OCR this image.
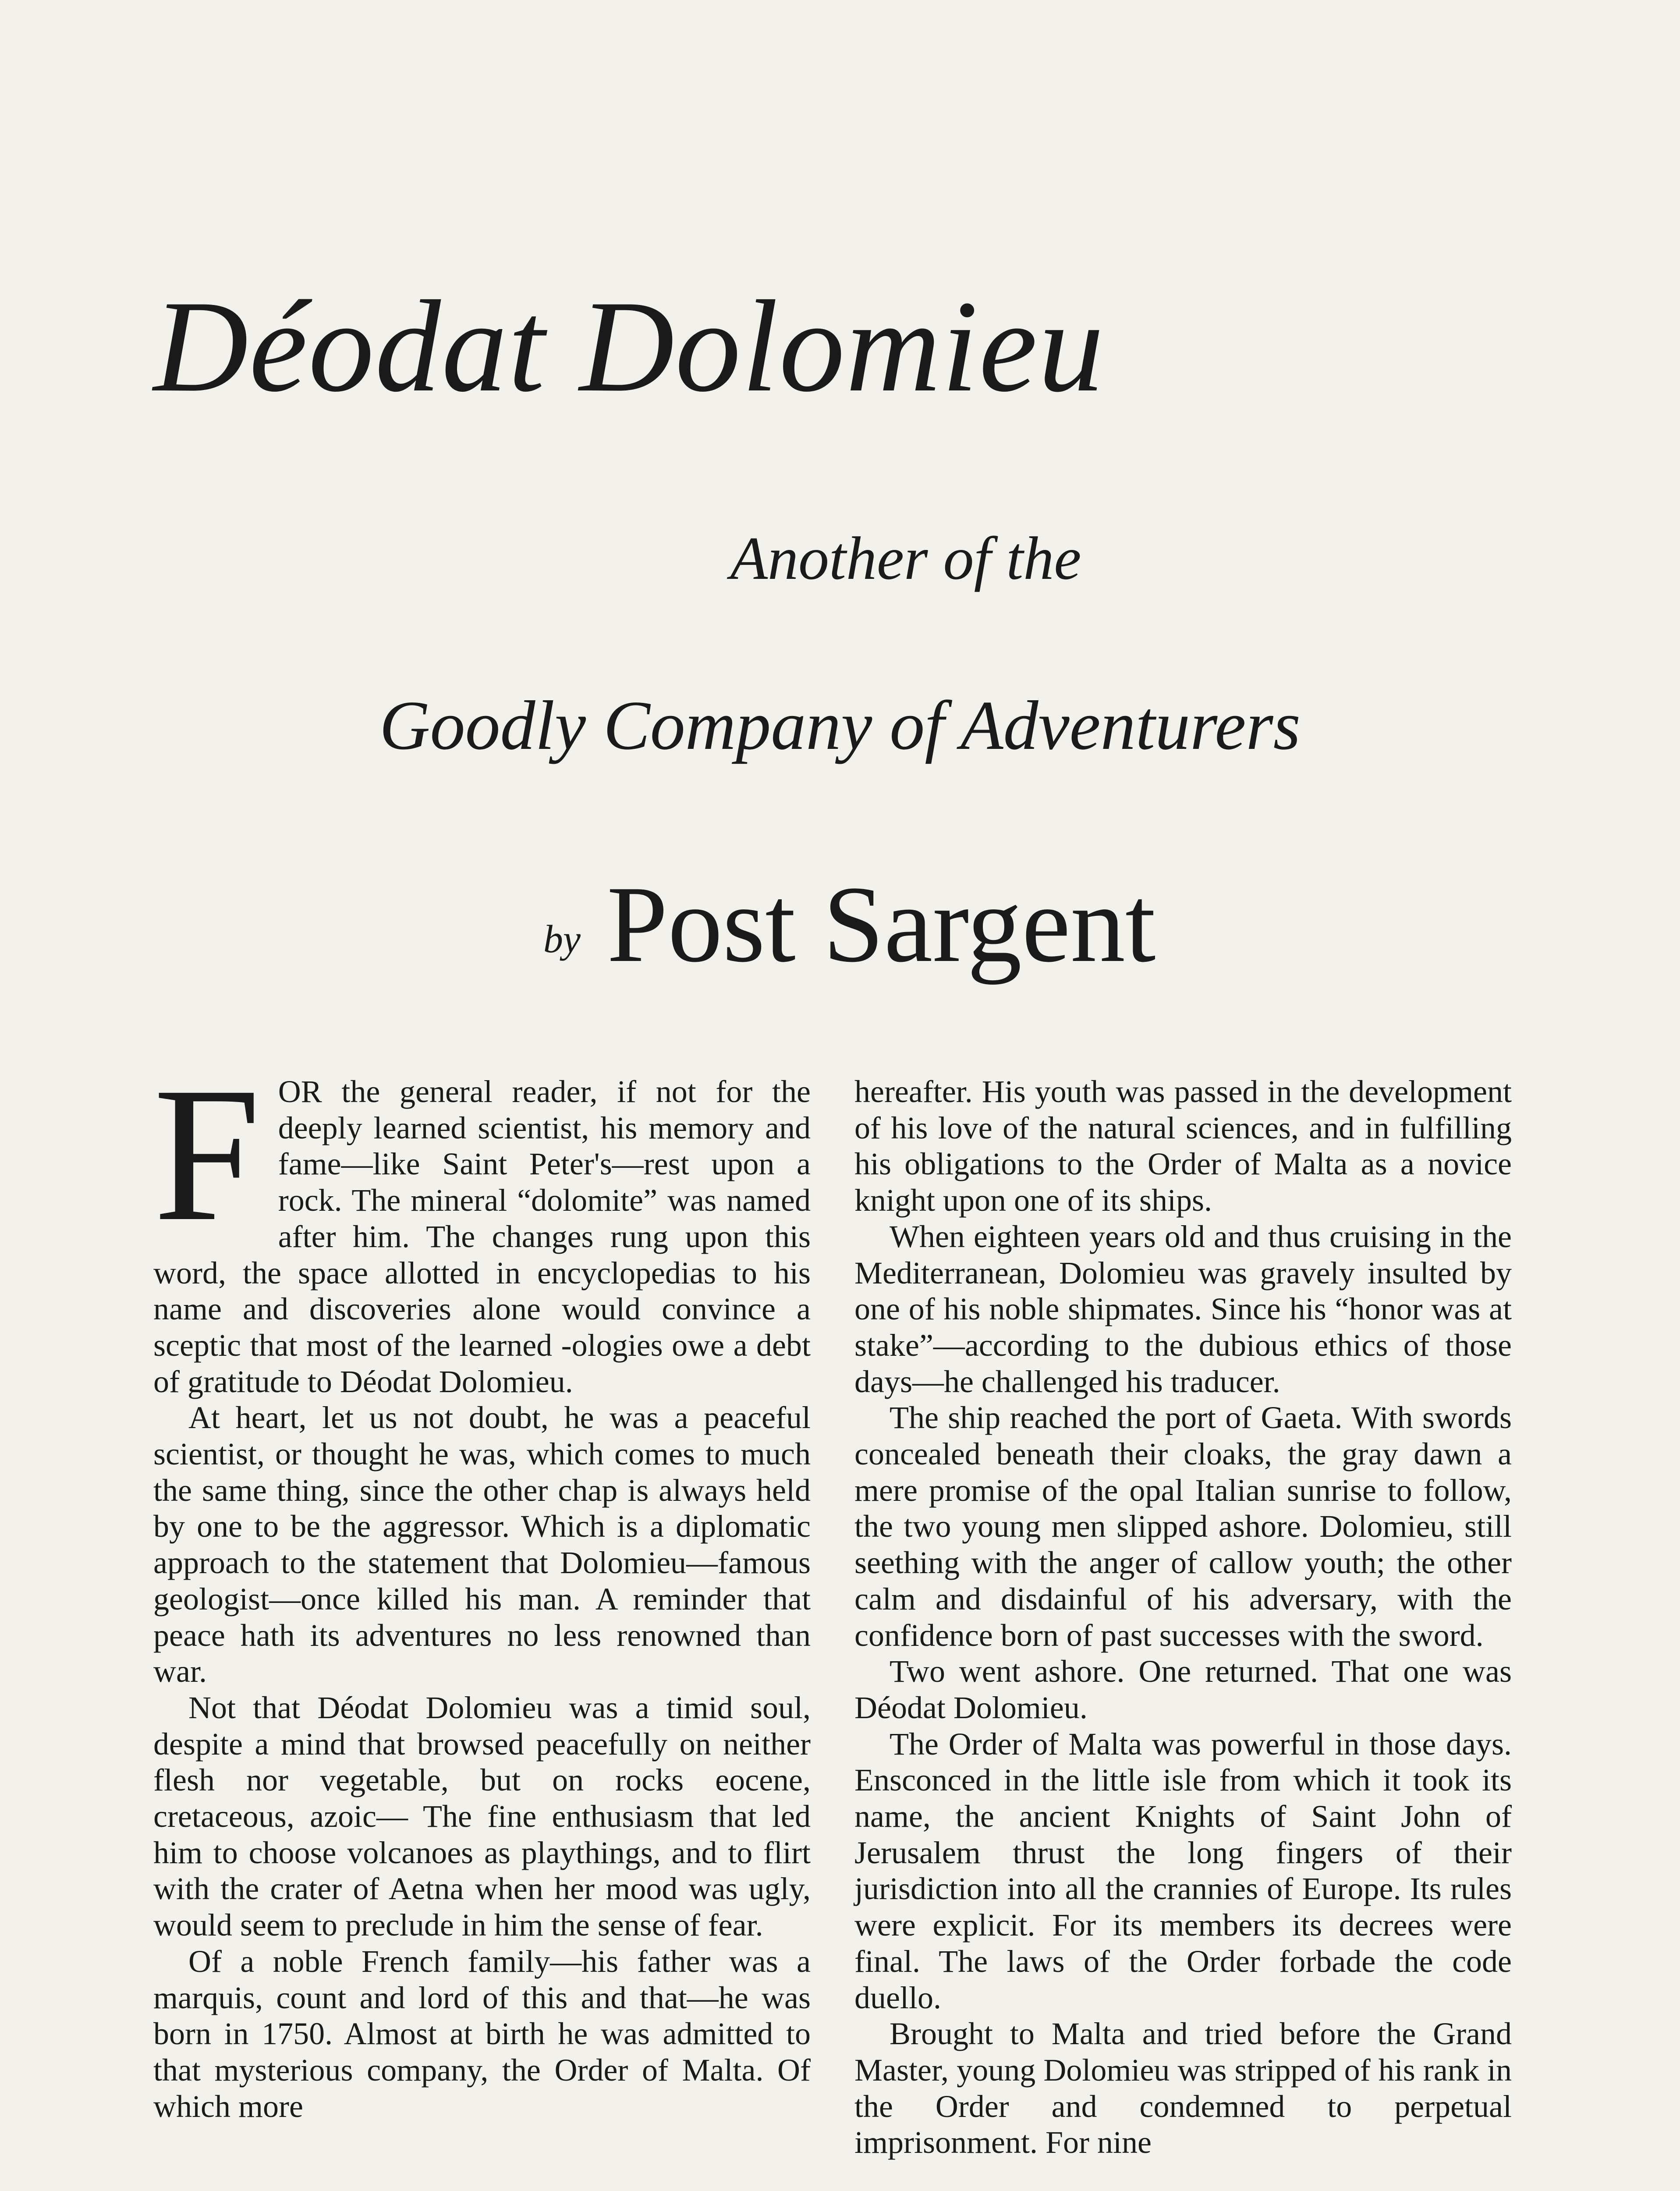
Déodat Dolomieu
Another of the
Goodly Company of Adventurers
by Post Sargent

FOR the general reader, if not for the deeply learned scientist, his memory and fame—like Saint Peter's—rest upon a rock. The mineral “dolomite” was named after him. The changes rung upon this word, the space allotted in encyclopedias to his name and discoveries alone would convince a sceptic that most of the learned -ologies owe a debt of gratitude to Déodat Dolomieu.

At heart, let us not doubt, he was a peaceful scientist, or thought he was, which comes to much the same thing, since the other chap is always held by one to be the aggressor. Which is a diplomatic approach to the statement that Dolomieu—famous geologist—once killed his man. A reminder that peace hath its adventures no less renowned than war.

Not that Déodat Dolomieu was a timid soul, despite a mind that browsed peacefully on neither flesh nor vegetable, but on rocks eocene, cretaceous, azoic— The fine enthusiasm that led him to choose volcanoes as playthings, and to flirt with the crater of Aetna when her mood was ugly, would seem to preclude in him the sense of fear.

Of a noble French family—his father was a marquis, count and lord of this and that—he was born in 1750. Almost at birth he was admitted to that mysterious company, the Order of Malta. Of which more

hereafter. His youth was passed in the development of his love of the natural sciences, and in fulfilling his obligations to the Order of Malta as a novice knight upon one of its ships.

When eighteen years old and thus cruising in the Mediterranean, Dolomieu was gravely insulted by one of his noble shipmates. Since his “honor was at stake”—according to the dubious ethics of those days—he challenged his traducer.

The ship reached the port of Gaeta. With swords concealed beneath their cloaks, the gray dawn a mere promise of the opal Italian sunrise to follow, the two young men slipped ashore. Dolomieu, still seething with the anger of callow youth; the other calm and disdainful of his adversary, with the confidence born of past successes with the sword.

Two went ashore. One returned. That one was Déodat Dolomieu.

The Order of Malta was powerful in those days. Ensconced in the little isle from which it took its name, the ancient Knights of Saint John of Jerusalem thrust the long fingers of their jurisdiction into all the crannies of Europe. Its rules were explicit. For its members its decrees were final. The laws of the Order forbade the code duello.

Brought to Malta and tried before the Grand Master, young Dolomieu was stripped of his rank in the Order and condemned to perpetual imprisonment. For nine
